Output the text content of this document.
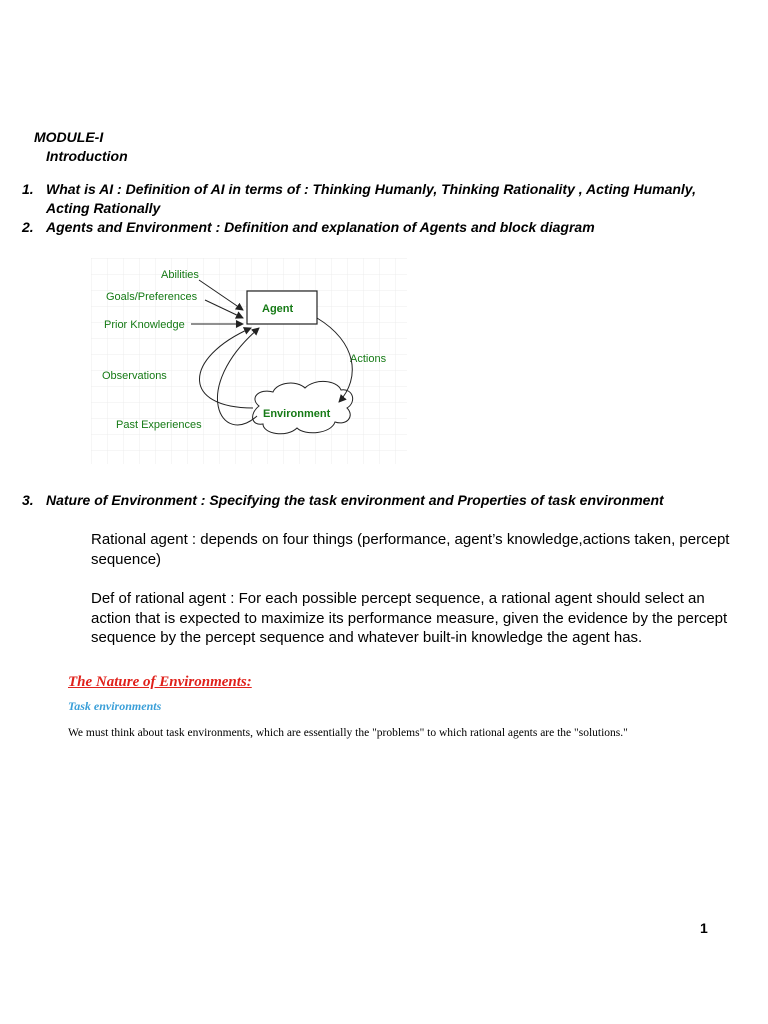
MODULE-I
Introduction
1. What is AI : Definition of AI in terms of : Thinking Humanly, Thinking Rationality , Acting Humanly, Acting Rationally
2. Agents and Environment : Definition and explanation of Agents and block diagram
Agent
Environment
Abilities
Goals/Preferences
Prior Knowledge
Observations
Past Experiences
Actions
3. Nature of Environment : Specifying the task environment and Properties of task environment
Rational agent : depends on four things (performance, agent’s knowledge,actions taken, percept sequence)
Def of rational agent : For each possible percept sequence, a rational agent should select an action that is expected to maximize its performance measure, given the evidence by the percept sequence by the percept sequence and whatever built-in knowledge the agent has.
The Nature of Environments:
Task environments
We must think about task environments, which are essentially the "problems" to which rational agents are the "solutions."
1
